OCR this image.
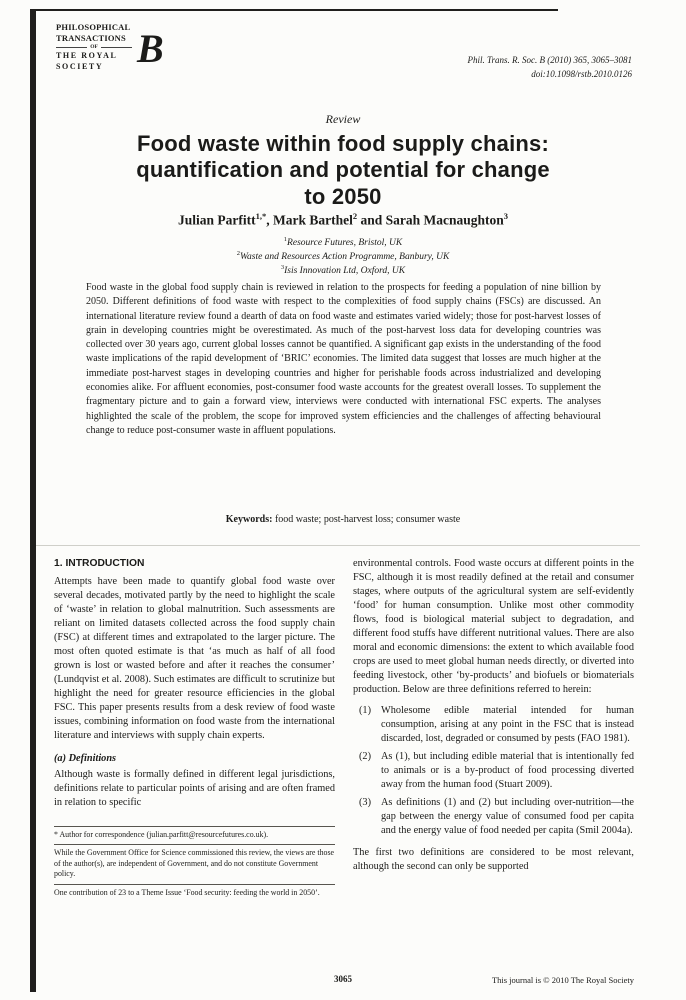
PHILOSOPHICAL
TRANSACTIONS
OF
THE ROYAL
SOCIETY B	Phil. Trans. R. Soc. B (2010) 365, 3065–3081
doi:10.1098/rstb.2010.0126
Review
Food waste within food supply chains:
quantification and potential for change
to 2050
Julian Parfitt$^{1,*}$, Mark Barthel$^2$ and Sarah Macnaughton$^3$
$^1$Resource Futures, Bristol, UK
$^2$Waste and Resources Action Programme, Banbury, UK
$^3$Isis Innovation Ltd, Oxford, UK

Food waste in the global food supply chain is reviewed in relation to the prospects for feeding a population of nine billion by 2050. Different definitions of food waste with respect to the complexities of food supply chains (FSCs) are discussed. An international literature review found a dearth of data on food waste and estimates varied widely; those for post-harvest losses of grain in developing countries might be overestimated. As much of the post-harvest loss data for developing countries was collected over 30 years ago, current global losses cannot be quantified. A significant gap exists in the understanding of the food waste implications of the rapid development of ‘BRIC’ economies. The limited data suggest that losses are much higher at the immediate post-harvest stages in developing countries and higher for perishable foods across industrialized and developing economies alike. For affluent economies, post-consumer food waste accounts for the greatest overall losses. To supplement the fragmentary picture and to gain a forward view, interviews were conducted with international FSC experts. The analyses highlighted the scale of the problem, the scope for improved system efficiencies and the challenges of affecting behavioural change to reduce post-consumer waste in affluent populations.

Keywords: food waste; post-harvest loss; consumer waste
1. INTRODUCTION

Attempts have been made to quantify global food waste over several decades, motivated partly by the need to highlight the scale of ‘waste’ in relation to global malnutrition. Such assessments are reliant on limited datasets collected across the food supply chain (FSC) at different times and extrapolated to the larger picture. The most often quoted estimate is that ‘as much as half of all food grown is lost or wasted before and after it reaches the consumer’ (Lundqvist et al. 2008). Such estimates are difficult to scrutinize but highlight the need for greater resource efficiencies in the global FSC. This paper presents results from a desk review of food waste issues, combining information on food waste from the international literature and interviews with supply chain experts.

(a) Definitions

Although waste is formally defined in different legal jurisdictions, definitions relate to particular points of arising and are often framed in relation to specific

* Author for correspondence (julian.parfitt@resourcefutures.co.uk).

While the Government Office for Science commissioned this review, the views are those of the author(s), are independent of Government, and do not constitute Government policy.

One contribution of 23 to a Theme Issue ‘Food security: feeding the world in 2050’.

environmental controls. Food waste occurs at different points in the FSC, although it is most readily defined at the retail and consumer stages, where outputs of the agricultural system are self-evidently ‘food’ for human consumption. Unlike most other commodity flows, food is biological material subject to degradation, and different food stuffs have different nutritional values. There are also moral and economic dimensions: the extent to which available food crops are used to meet global human needs directly, or diverted into feeding livestock, other ‘by-products’ and biofuels or biomaterials production. Below are three definitions referred to herein:

(1) Wholesome edible material intended for human consumption, arising at any point in the FSC that is instead discarded, lost, degraded or consumed by pests (FAO 1981).
(2) As (1), but including edible material that is intentionally fed to animals or is a by-product of food processing diverted away from the human food (Stuart 2009).
(3) As definitions (1) and (2) but including over-nutrition—the gap between the energy value of consumed food per capita and the energy value of food needed per capita (Smil 2004a).

The first two definitions are considered to be most relevant, although the second can only be supported

3065	This journal is © 2010 The Royal Society
